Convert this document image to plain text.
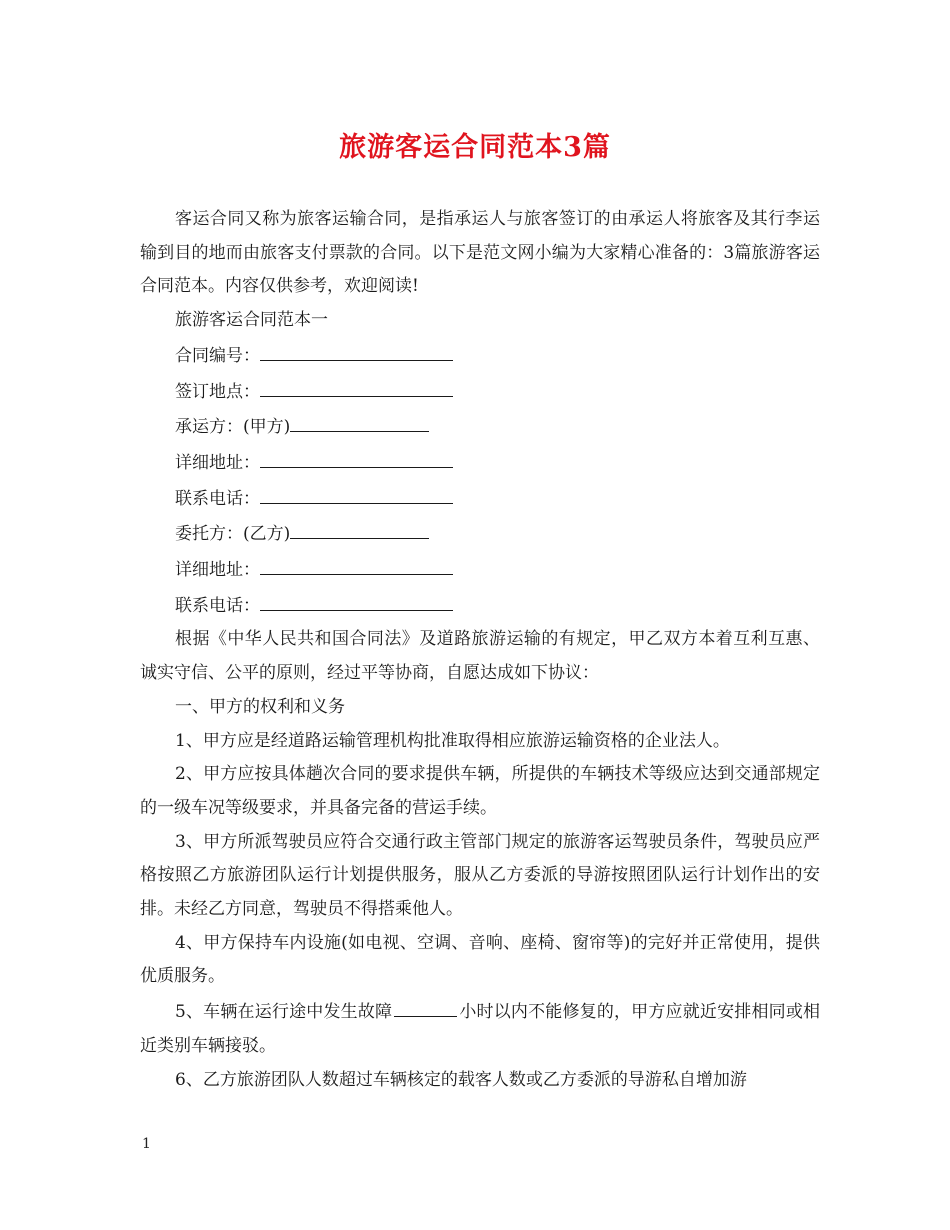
旅游客运合同范本3篇

客运合同又称为旅客运输合同，是指承运人与旅客签订的由承运人将旅客及其行李运输到目的地而由旅客支付票款的合同。以下是范文网小编为大家精心准备的：3篇旅游客运合同范本。内容仅供参考，欢迎阅读!

旅游客运合同范本一

合同编号：

签订地点：

承运方：(甲方)

详细地址：

联系电话：

委托方：(乙方)

详细地址：

联系电话：

根据《中华人民共和国合同法》及道路旅游运输的有规定，甲乙双方本着互利互惠、诚实守信、公平的原则，经过平等协商，自愿达成如下协议：

一、甲方的权利和义务

1、甲方应是经道路运输管理机构批准取得相应旅游运输资格的企业法人。

2、甲方应按具体趟次合同的要求提供车辆，所提供的车辆技术等级应达到交通部规定的一级车况等级要求，并具备完备的营运手续。

3、甲方所派驾驶员应符合交通行政主管部门规定的旅游客运驾驶员条件，驾驶员应严格按照乙方旅游团队运行计划提供服务，服从乙方委派的导游按照团队运行计划作出的安排。未经乙方同意，驾驶员不得搭乘他人。

4、甲方保持车内设施(如电视、空调、音响、座椅、窗帘等)的完好并正常使用，提供优质服务。

5、车辆在运行途中发生故障	小时以内不能修复的，甲方应就近安排相同或相近类别车辆接驳。

6、乙方旅游团队人数超过车辆核定的载客人数或乙方委派的导游私自增加游

1
